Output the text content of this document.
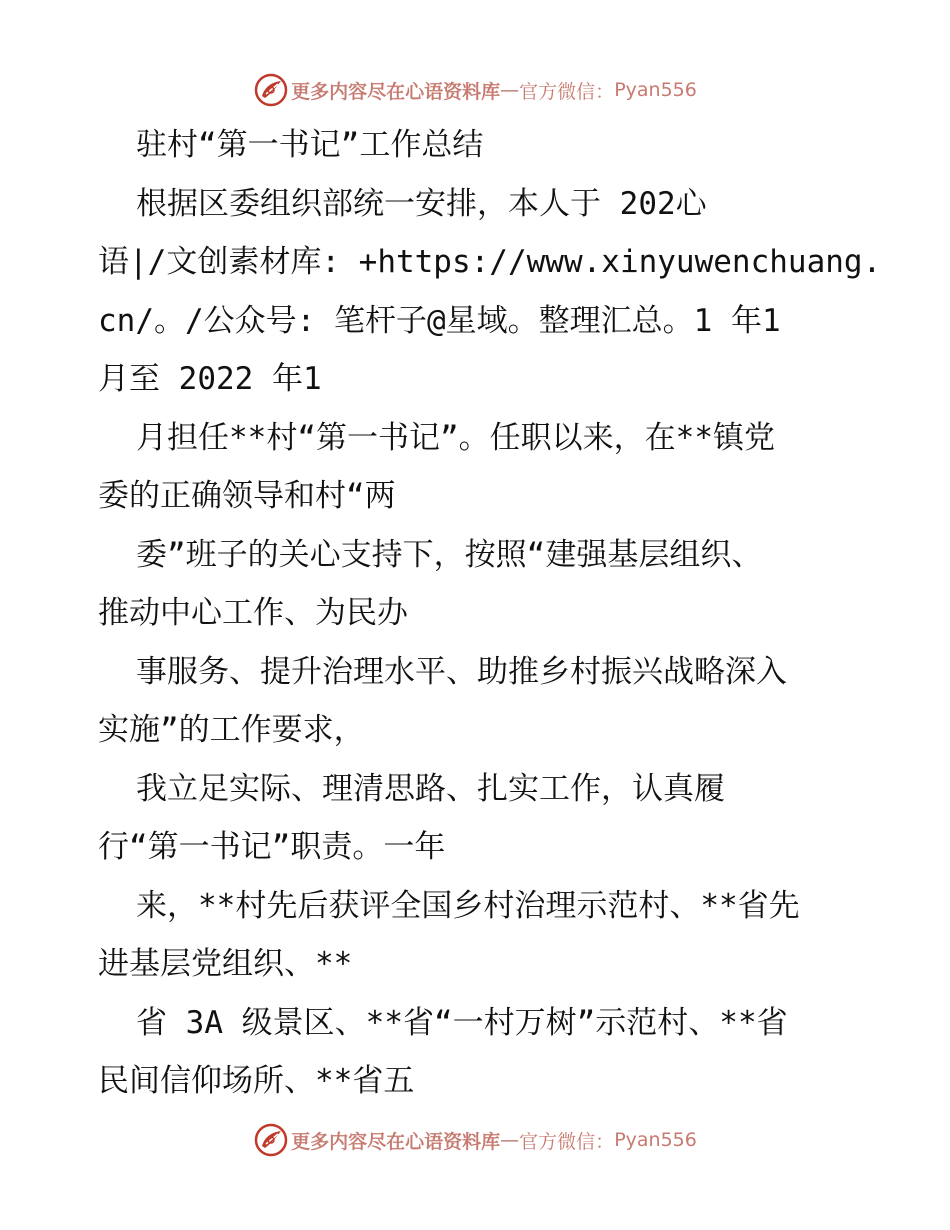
更多内容尽在心语资料库 — 官方微信： Pyan556
驻村“第一书记”工作总结
根据区委组织部统一安排，本人于 202心
语|/文创素材库: +https://www.xinyuwenchuang.
cn/。/公众号: 笔杆子@星域。整理汇总。1 年1
月至 2022 年1
月担任**村“第一书记”。任职以来，在**镇党
委的正确领导和村“两
委”班子的关心支持下，按照“建强基层组织、
推动中心工作、为民办
事服务、提升治理水平、助推乡村振兴战略深入
实施”的工作要求，
我立足实际、理清思路、扎实工作，认真履
行“第一书记”职责。一年
来，**村先后获评全国乡村治理示范村、**省先
进基层党组织、**
省 3A 级景区、**省“一村万树”示范村、**省
民间信仰场所、**省五
更多内容尽在心语资料库 — 官方微信： Pyan556
